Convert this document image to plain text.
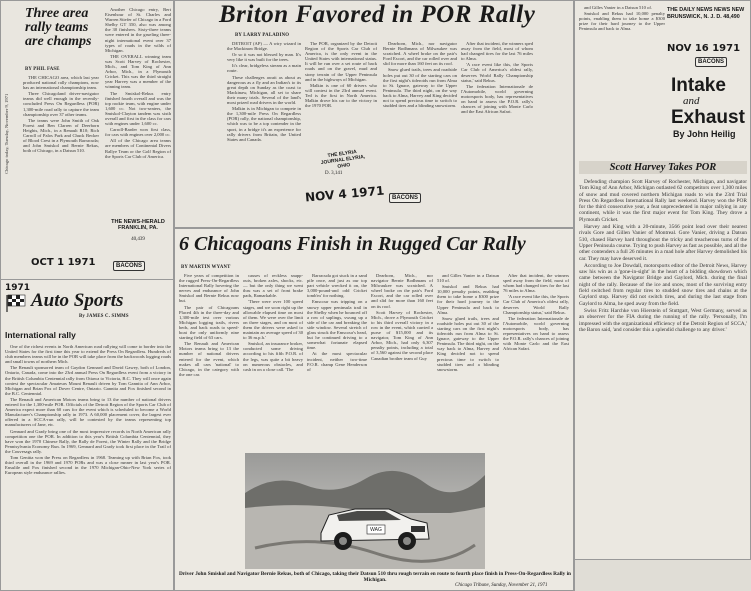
Chicago today, Tuesday, November 9, 1971
Three area rally teams are champs
BY PHIL FASE

THE CHICAGO area, which last year produced national rally champions, now has an international championship team.

Three Chicagoland driver-navigator teams did well enough in the recently-concluded Press On Regardless (POR) 1,300-mile road rally to capture the team championship over 37 other teams.

The teams were John Smith of Oak Forest and Ben Clarren of Deerborn Heights, Mich., in a Renault R10; Rich Carroll of Palos Park and Chuck Becker of Blood Crest in a Plymouth Barracuda; and John Smiskol and Bernie Rekus, both of Chicago, in a Datsun 510.

Another Chicago entry, Bert Eisenhour of St. Charles and Warren Stiefer of Chicago in a Ford Shelby GT 350, also was among the 30 finishers. Sixty-three teams were entered in the grueling three-night international event over 37 types of roads in the wilds of Michigan.

THE OVERALL winning team was Scott Harvey of Rochester, Mich., and Tom King of Ann Arbor, Mich., in a Plymouth Cricket. This was the third straight year Harvey was a member of the winning team.

The Smiskol-Rekus entry finished fourth overall and was the top rookie team, with engine under 1,600 cc. Not two-seaters, the Smiskol-Clayton tandem was sixth overall and first in the class for cars with engines under 1,600 cc.

Carroll-Barder won first class, for cars with engines over 2,000 cc.

All of the Chicago area teams are members of Continental Divers Rallye Team or the Golf Region of the Sports Car Club of America.

THE NEWS-HERALD FRANKLIN, PA.
40,439
OCT 1 1971	BACONS
1971
Auto Sports
By JAMES C. SIMMS
International rally

One of the richest events in North American road rallying will come to border into the United States for the first time this year to extend the Press On Regardless. Hundreds of club members teams will be in the POR will take place from the backwoods logging roads and small towns of northern Mich.

The Renault sponsored team of Gaydon Gennard and David Gawey, both of London, Ontario, Canada, come into the 23rd annual Press On Regardless event from a victory in the British Columbia Centennial rally from Ottawa to Victoria, B.C. They will once again contest the spectacular Amateurs Mount Renault driven by Tom Gannita of Ann Arbor, Michigan and Brian Fox of Dover Centre, Ontario. Gannita and Fox finished second in the B.C. Centennial.

The Renault and American Motors teams bring to 13 the number of national drivers entered for the 1,300-mile POR. Officials of the Detroit Region of the Sports Car Club of America expect more than 60 cars for the event which is scheduled to become a World Manufacturer's Championship rally in 1973. A 60,000 placement cover, the largest ever offered in a SCCA-run rally, will be contested by the teams representing top manufacturers of Jane, etc.

Gennard and Grady bring one of the most impressive records in North American rally competition one the POR. In addition to this year's British Columbia Centennial, they have won the 1970 Chinese Rally, the Rally de Forest, the Winter Rally and the Bridge Pennisylvania Economy Run. In 1969, Gennard and Grady took first place in the Trail of the Couvesags rally.

Tom Genitta won the Press on Regardless in 1968. Teaming up with Brian Fox, took third overall in the 1969 and 1970 PORs and was a close runner in last year's POR. Ensulile and Fox finished second in the 1970 Michigan-Ohio-New York series of European style endurance rallies.

Briton Favored in POR Rally
BY LARRY PALADINO

DETROIT (AP) — A wiry wizard in the Mackinaw Bridge.

Or so it was not blessed by man. It's very like it was built for the trees.

It's clear, bridgeless stream as a main route.

These challenges await as about as dangerous as a fly and an Indian's to its great depth on Sunday as the coast to Mackinaw, Michigan, all set to share their many trials. Several of the land's most prized road drivers in the world.

Malkin is in Michigan to compete in the 1,300-mile Press On Regardless (POR) rally, the national championship, which was to be a top contender in the sport, in a bridge it's an experience for rally drivers from Britain, the United States and Canada.

The POR, organized by the Detroit Region of the Sports Car Club of America, is the only event in the United States with international status. It will be run over a set route of back roads and on the gravel, mud and stony terrain of the Upper Peninsula and in the highways of Michigan.

Malkin is one of 60 drivers who will contest in the 23rd annual event. Ted is the first in North America. Malkin drove his car to the victory in the 1970 POR.

Dearborn, Mich., nor navigator Bernie Bodhmans of Milwaukee was scratched. A wheel broke on the pair's Ford Escort, and the car rolled over and slid for more than 160 feet on its roof.

Snow glued trails, trees and roadside holes put out 30 of the starting cars on the first night's tideroids run from Alma to St. Ignace, gateway to the Upper Peninsula. The third night, on the way back to Alma, Harvey and King decided not to spend precious time to switch to studded tires and a blinding snowstorm.

After that incident, the winners sped away from the field, most of whom had changed tires for the last 76 miles to Alma.

'A race event like this, the Sports Car Club of America's oldest rally, deserves World Rally Championship status,' said Rekus.

The federation Internationale de l'Automobile, world governing motorsports body, has representatives on hand to assess the P.O.R. rally's chances of joining with Monte Carlo and the East African Safari.

THE ELYRIA JOURNAL ELYRIA, OHIO
D. 3,141
NOV 4 1971	BACONS
THE DAILY NEWS NEWS NEW BRUNSWICK, N. J. D. 48,490
NOV 16 1971
BACONS
Intake
and
Exhaust
By John Heilig

and Gilles Vanier in a Datsun 510 of.

Smiskol and Rekus had 10,000 penalty points, enabling them to take home a $300 prize for their hard journey to the Upper Peninsula and back to Alma.

Scott Harvey Takes POR

Defending champion Scott Harvey of Rochester, Michigan, and navigator Tom King of Ann Arbor, Michigan outlasted 62 competitors over 1,300 miles of snow and mud covered northern Michigan roads to win the 23rd Trial Press On Regardless International Rally last weekend. Harvey won the POR for the third consecutive year, a feat unprecedented in major rallying in any continent, while it was the first major event for Tom King. They drove a Plymouth Cricket.

Harvey and King with a 20-minute, 3566 point lead over their nearest rivals Gore and Gillen Vanier of Montreal. Gore Vanier, driving a Datsun 510, chased Harvey hard throughout the tricky and treacherous turns of the Upper Peninsula course. Trying to push Harvey as fast as possible, and all the other contenders a full 26 minutes in a mad hole after Harvey demolished his car. They may have deserved it.

According to Joe Dowdall, motorsports editor of the Detroit News, Harvey saw his win as a 'gone-in-sight' in the heart of a bidding showdown which came between the Navigator Bridge and Gaylord, Mich. during the final night of the rally. Because of the ice and snow, most of the surviving entry field switched from regular tires to studded snow tires and chains at the Gaylord stop. Harvey did not switch tires, and during the last stage from Gaylord to Alma, he sped away from the field.

Swiss Fritz Harchke von Hierstein of Stuttgart, West Germany, served as an observer for the FIA during the running of the rally. 'Personally, I'm impressed with the organizational efficiency of the Detroit Region of SCCA,' the Baron said, 'and consider this a splendid challenge to any driver.'

6 Chicagoans Finish in Rugged Car Rally
BY MARTIN WYANT

Five years of competition in the rugged Press-On-Regardless International Rally hovering the nerves and endurance of John Smiskol and Bernie Rekus now but.

The pair of Chicagoans Placed 4th in the three-day and 1,300-mile test over various Michigan logging trails, rivers beds, and back roads to speed-boat the only uniformly nine starting field of 63 cars.

The Renault and American Motors teams bring to 13 the number of national drivers entered for the event, which makes all cars 'national' to Chicago, in the category with the one car.

causes of reckless snapp-outs, broken axles, shocks, etc. — but the only thing we went thru was a set of front brake pads, Ramarkable.

'There were over 100 speed stages, and we soon right up the allowable elapsed time on most of them. We were over the limit on three stages, and on most of them the drivers were asked to maintain an average speed of 30 to 36 m.p.h.'

Smiskol, an insurance broker, conducted some driving according to his fifth P.O.R. of the legs, was quite a bit heavy on numerous obstacles, and cash in on a close call. 'The

Barracuda got stuck in a sand pile once, and just as our top part vehicle wrecked it on, the 3,000-pound-and odd Cricket tomb'm' for nothing.

Emscour was tripping on a snowy upper peninsula trail in the Shelby when he bounced off a row of saplings, swung up a side of the car and breaking the side window. Several stretch of glass struck the Emscour's head, but he continued driving to a somewhat fortunate elapsed time.

At the most spectacular incident, neither two-time P.O.R. champ Gene Henderson of

Dearborn, Mich., nor navigator Bernie Bodhmans of Milwaukee was scratched. A wheel broke on the pair's Ford Escort, and the car rolled over and slid for more than 160 feet on its roof.

Scott Harvey of Rochester, Mich., drove a Plymouth Cricket to his third overall victory in a row in the event, which carried a purse of $15,000 and its navigator, Tom King of Ann Arbor, Mich., had only 6,307 penalty points, including a total of 3,560 against the second place Canadian brother team of Guy

and Gilles Vanier in a Datsun 510 of.

Smiskol and Rekus had 10,000 penalty points, enabling them to take home a $300 prize for their hard journey to the Upper Peninsula and back to Alma.

Snow glued trails, trees and roadside holes put out 30 of the starting cars on the first night's tideroids run from Alma to St. Ignace, gateway to the Upper Peninsula. The third night, on the way back to Alma, Harvey and King decided not to spend precious time to switch to studded tires and a blinding snowstorm.

After that incident, the winners sped away from the field, most of whom had changed tires for the last 76 miles to Alma.

'A race event like this, the Sports Car Club of America's oldest rally, deserves World Rally Championship status,' said Rekus.

The federation Internationale de l'Automobile, world governing motorsports body, has representatives on hand to assess the P.O.R. rally's chances of joining with Monte Carlo and the East African Safari.

WAG
Driver John Smiskol and Navigator Bernie Rekus, both of Chicago, taking their Datsun 510 thru rough terrain en route to fourth place finish in Press-On-Regardless Rally in Michigan.
Chicago Tribune, Sunday, November 21, 1971
